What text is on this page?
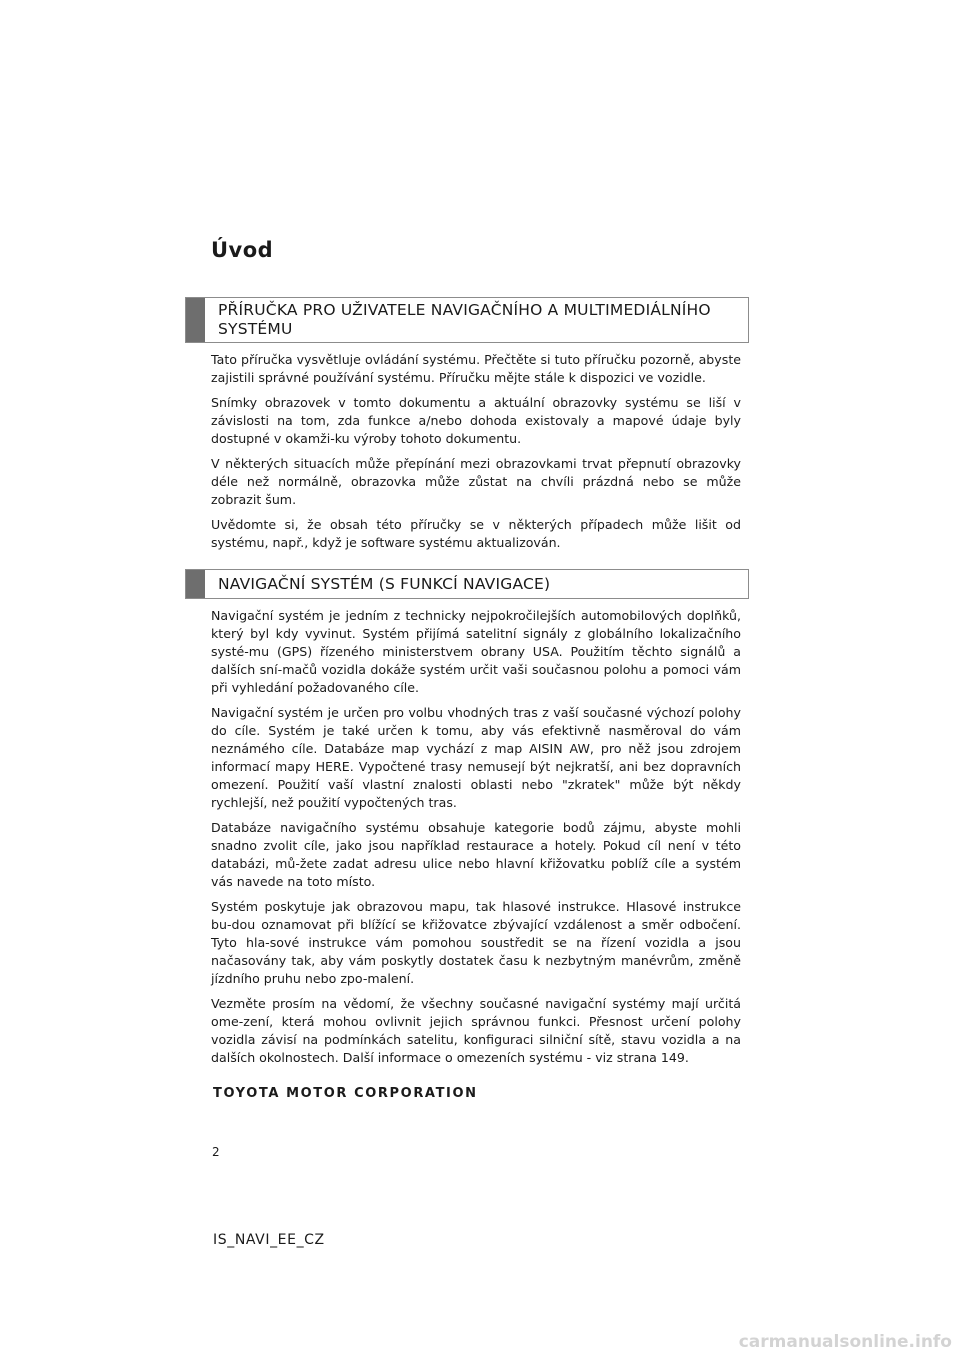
Úvod
PŘÍRUČKA PRO UŽIVATELE NAVIGAČNÍHO A MULTIMEDIÁLNÍHO SYSTÉMU

Tato příručka vysvětluje ovládání systému. Přečtěte si tuto příručku pozorně, abyste zajistili správné používání systému. Příručku mějte stále k dispozici ve vozidle.

Snímky obrazovek v tomto dokumentu a aktuální obrazovky systému se liší v závislosti na tom, zda funkce a/nebo dohoda existovaly a mapové údaje byly dostupné v okamži-ku výroby tohoto dokumentu.

V některých situacích může přepínání mezi obrazovkami trvat přepnutí obrazovky déle než normálně, obrazovka může zůstat na chvíli prázdná nebo se může zobrazit šum.

Uvědomte si, že obsah této příručky se v některých případech může lišit od systému, např., když je software systému aktualizován.

NAVIGAČNÍ SYSTÉM (S FUNKCÍ NAVIGACE)

Navigační systém je jedním z technicky nejpokročilejších automobilových doplňků, který byl kdy vyvinut. Systém přijímá satelitní signály z globálního lokalizačního systé-mu (GPS) řízeného ministerstvem obrany USA. Použitím těchto signálů a dalších sní-mačů vozidla dokáže systém určit vaši současnou polohu a pomoci vám při vyhledání požadovaného cíle.

Navigační systém je určen pro volbu vhodných tras z vaší současné výchozí polohy do cíle. Systém je také určen k tomu, aby vás efektivně nasměroval do vám neznámého cíle. Databáze map vychází z map AISIN AW, pro něž jsou zdrojem informací mapy HERE. Vypočtené trasy nemusejí být nejkratší, ani bez dopravních omezení. Použití vaší vlastní znalosti oblasti nebo "zkratek" může být někdy rychlejší, než použití vypočtených tras.

Databáze navigačního systému obsahuje kategorie bodů zájmu, abyste mohli snadno zvolit cíle, jako jsou například restaurace a hotely. Pokud cíl není v této databázi, mů-žete zadat adresu ulice nebo hlavní křižovatku poblíž cíle a systém vás navede na toto místo.

Systém poskytuje jak obrazovou mapu, tak hlasové instrukce. Hlasové instrukce bu-dou oznamovat při blížící se křižovatce zbývající vzdálenost a směr odbočení. Tyto hla-sové instrukce vám pomohou soustředit se na řízení vozidla a jsou načasovány tak, aby vám poskytly dostatek času k nezbytným manévrům, změně jízdního pruhu nebo zpo-malení.

Vezměte prosím na vědomí, že všechny současné navigační systémy mají určitá ome-zení, která mohou ovlivnit jejich správnou funkci. Přesnost určení polohy vozidla závisí na podmínkách satelitu, konfiguraci silniční sítě, stavu vozidla a na dalších okolnostech. Další informace o omezeních systému - viz strana 149.

TOYOTA MOTOR CORPORATION

2

IS_NAVI_EE_CZ

carmanualsonline.info
